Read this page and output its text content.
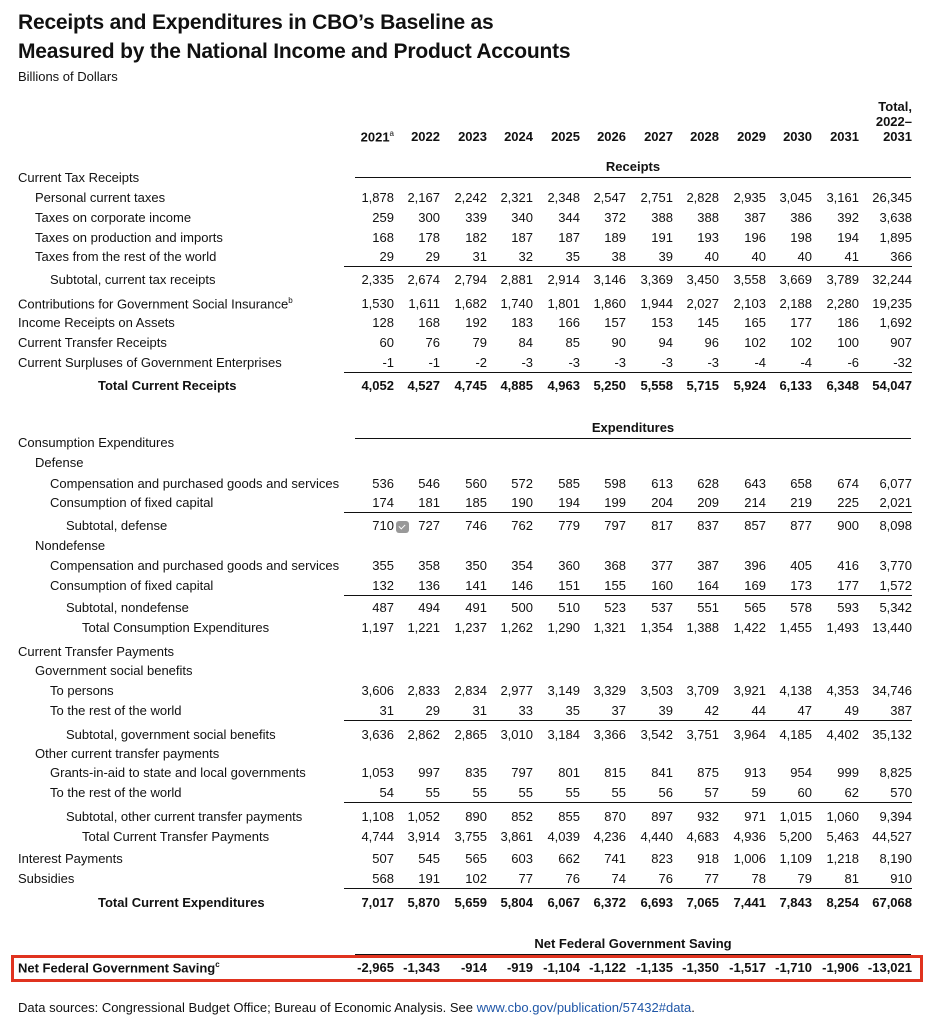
Receipts and Expenditures in CBO’s Baseline as
Measured by the National Income and Product Accounts
Billions of Dollars
2021$^a$	2022	2023	2024	2025	2026	2027	2028	2029	2030	2031
Total,
2022–
2031
Receipts
Expenditures
Net Federal Government Saving
Current Tax Receipts
Personal current taxes	1,878	2,167	2,242	2,321	2,348	2,547	2,751	2,828	2,935	3,045	3,161	26,345
Taxes on corporate income	259	300	339	340	344	372	388	388	387	386	392	3,638
Taxes on production and imports	168	178	182	187	187	189	191	193	196	198	194	1,895
Taxes from the rest of the world	29	29	31	32	35	38	39	40	40	40	41	366
Subtotal, current tax receipts	2,335	2,674	2,794	2,881	2,914	3,146	3,369	3,450	3,558	3,669	3,789	32,244
Contributions for Government Social Insurance$^b$	1,530	1,611	1,682	1,740	1,801	1,860	1,944	2,027	2,103	2,188	2,280	19,235
Income Receipts on Assets	128	168	192	183	166	157	153	145	165	177	186	1,692
Current Transfer Receipts	60	76	79	84	85	90	94	96	102	102	100	907
Current Surpluses of Government Enterprises	-1	-1	-2	-3	-3	-3	-3	-3	-4	-4	-6	-32
Total Current Receipts	4,052	4,527	4,745	4,885	4,963	5,250	5,558	5,715	5,924	6,133	6,348	54,047
Consumption Expenditures
Defense
Compensation and purchased goods and services	536	546	560	572	585	598	613	628	643	658	674	6,077
Consumption of fixed capital	174	181	185	190	194	199	204	209	214	219	225	2,021
Subtotal, defense	710	727	746	762	779	797	817	837	857	877	900	8,098
Nondefense
Compensation and purchased goods and services	355	358	350	354	360	368	377	387	396	405	416	3,770
Consumption of fixed capital	132	136	141	146	151	155	160	164	169	173	177	1,572
Subtotal, nondefense	487	494	491	500	510	523	537	551	565	578	593	5,342
Total Consumption Expenditures	1,197	1,221	1,237	1,262	1,290	1,321	1,354	1,388	1,422	1,455	1,493	13,440
Current Transfer Payments
Government social benefits
To persons	3,606	2,833	2,834	2,977	3,149	3,329	3,503	3,709	3,921	4,138	4,353	34,746
To the rest of the world	31	29	31	33	35	37	39	42	44	47	49	387
Subtotal, government social benefits	3,636	2,862	2,865	3,010	3,184	3,366	3,542	3,751	3,964	4,185	4,402	35,132
Other current transfer payments
Grants-in-aid to state and local governments	1,053	997	835	797	801	815	841	875	913	954	999	8,825
To the rest of the world	54	55	55	55	55	55	56	57	59	60	62	570
Subtotal, other current transfer payments	1,108	1,052	890	852	855	870	897	932	971	1,015	1,060	9,394
Total Current Transfer Payments	4,744	3,914	3,755	3,861	4,039	4,236	4,440	4,683	4,936	5,200	5,463	44,527
Interest Payments	507	545	565	603	662	741	823	918	1,006	1,109	1,218	8,190
Subsidies	568	191	102	77	76	74	76	77	78	79	81	910
Total Current Expenditures	7,017	5,870	5,659	5,804	6,067	6,372	6,693	7,065	7,441	7,843	8,254	67,068
Net Federal Government Saving$^c$	-2,965 -1,343	-914	-919 -1,104 -1,122 -1,135 -1,350 -1,517 -1,710 -1,906 -13,021
Data sources: Congressional Budget Office; Bureau of Economic Analysis. See www.cbo.gov/publication/57432#data.
